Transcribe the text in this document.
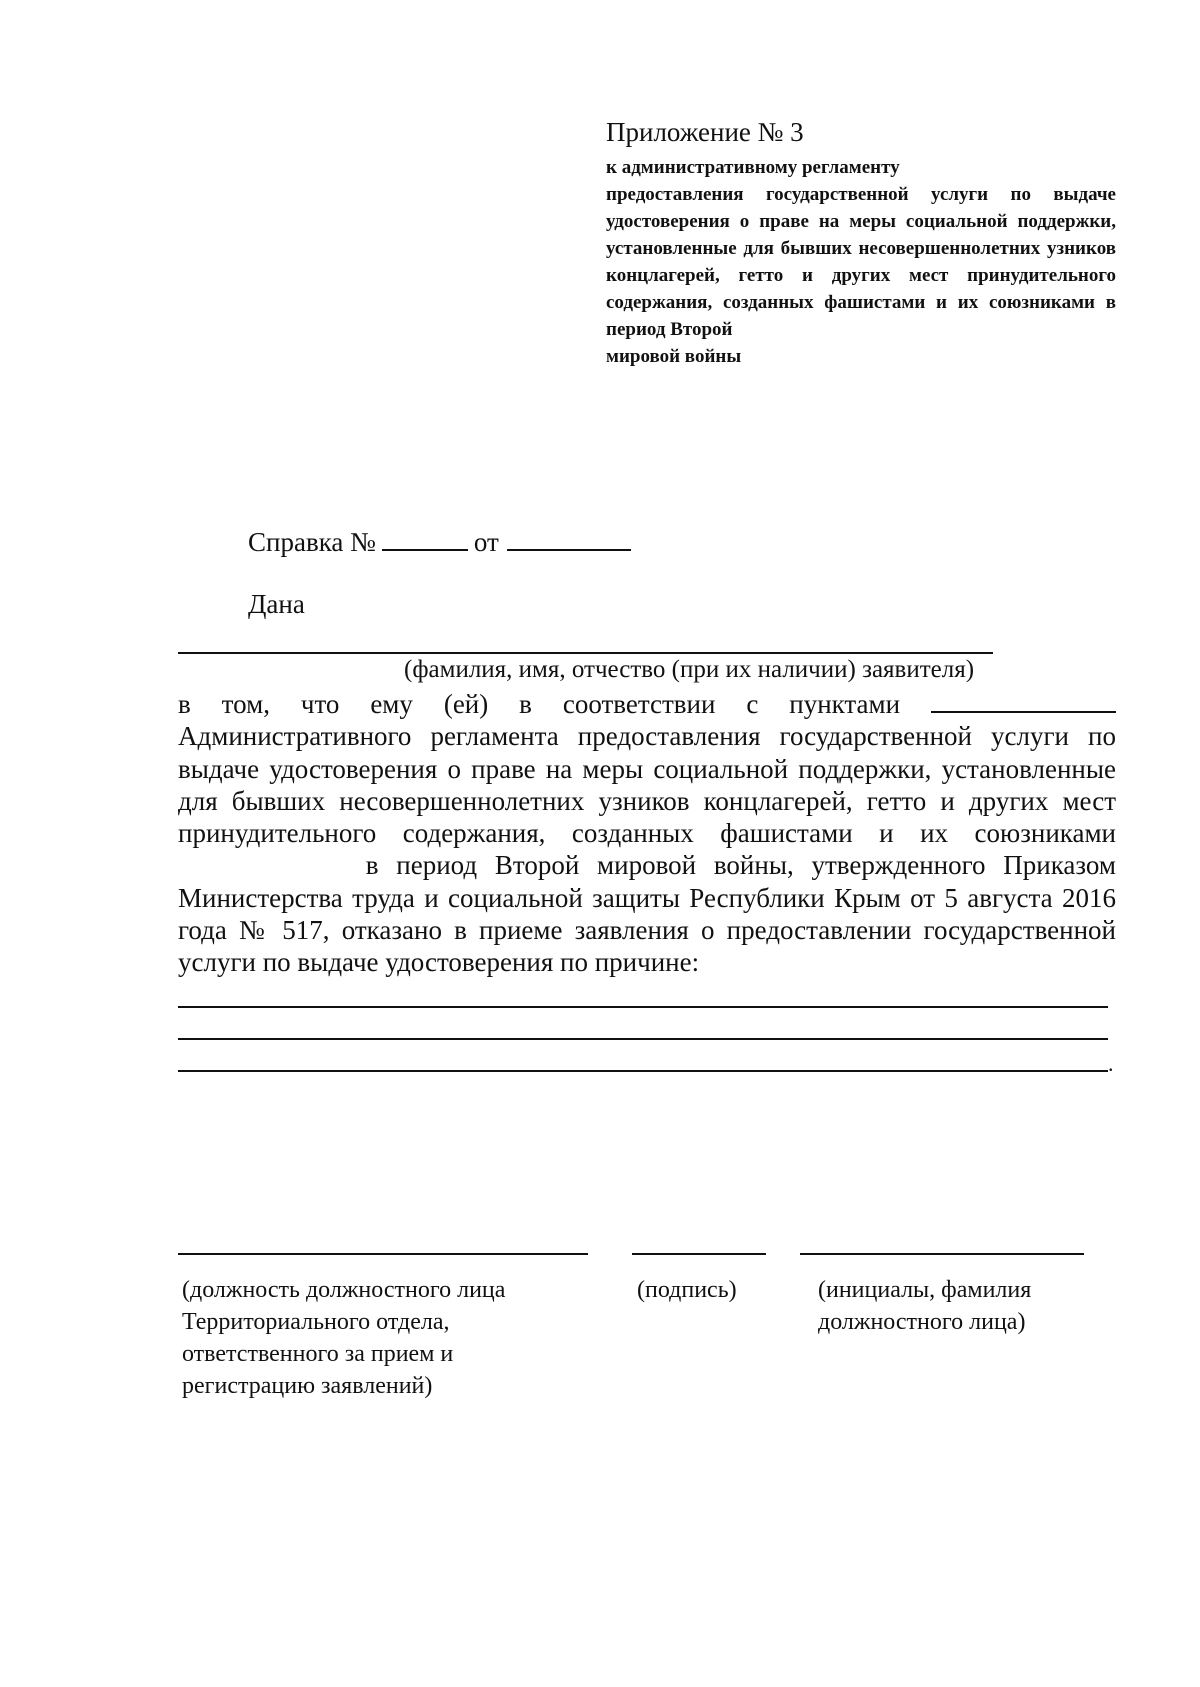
Приложение № 3
к административному регламенту
предоставления государственной услуги по выдаче удостоверения о праве на меры социальной поддержки, установленные для бывших несовершеннолетних узников концлагерей, гетто и других мест принудительного содержания, созданных фашистами и их союзниками в период Второй
мировой войны
Справка №	от
Дана
(фамилия, имя, отчество (при их наличии) заявителя)

в том, что ему (ей) в соответствии с пунктами  Административного регламента предоставления государственной услуги по выдаче удостоверения о праве на меры социальной поддержки, установленные для бывших несовершеннолетних узников концлагерей, гетто и других мест принудительного содержания, созданных фашистами и их союзниками  в период Второй мировой войны, утвержденного Приказом Министерства труда и социальной защиты Республики Крым от 5 августа 2016 года № 517, отказано в приеме заявления о предоставлении государственной услуги по выдаче удостоверения по причине:

.
(должность должностного лица
Территориального отдела,
ответственного за прием и
регистрацию заявлений)
(подпись)	(инициалы, фамилия
должностного лица)
